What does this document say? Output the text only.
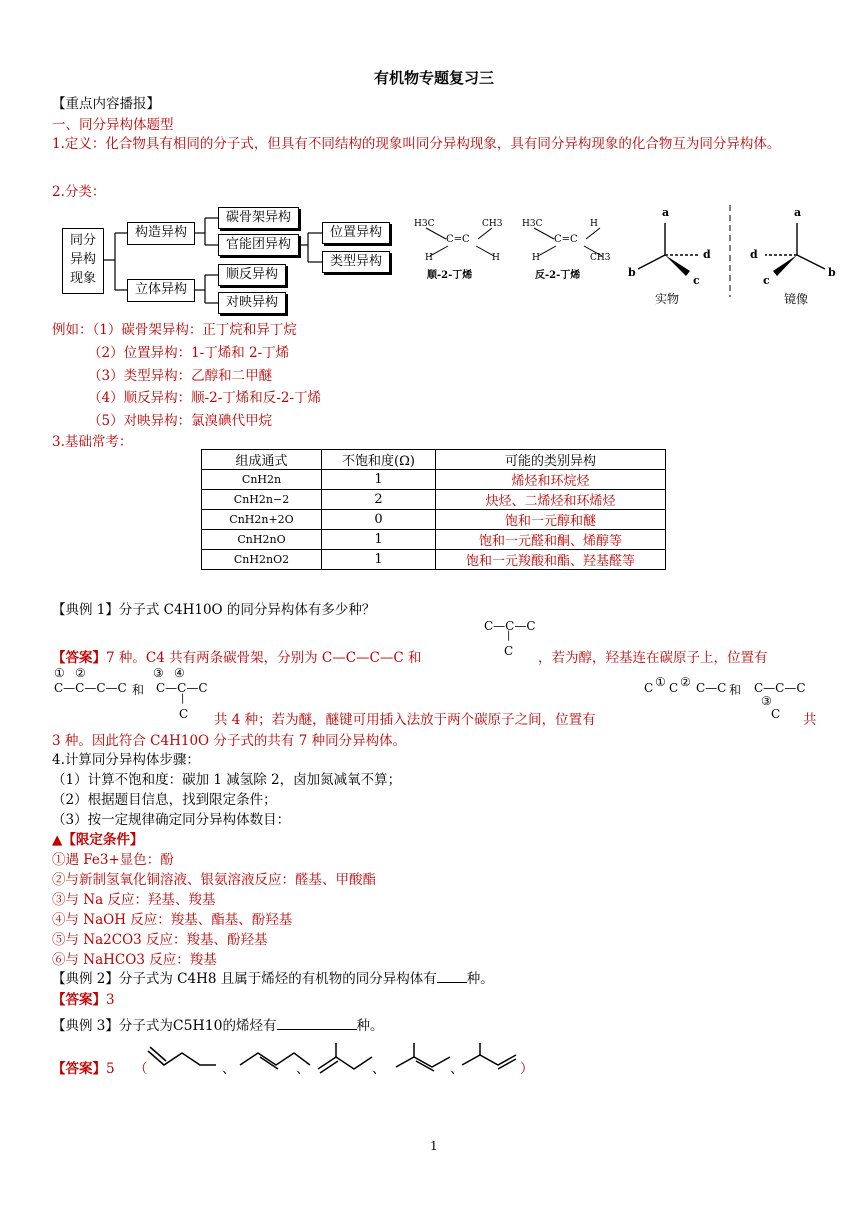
有机物专题复习三
【重点内容播报】
一、同分异构体题型
1.定义：化合物具有相同的分子式，但具有不同结构的现象叫同分异构现象，具有同分异构现象的化合物互为同分异构体。
2.分类：
同分
异构
现象
构造异构
立体异构
碳骨架异构
官能团异构
位置异构
类型异构
顺反异构
对映异构
H3C	CH3
C=C
H	H
顺-2-丁烯
H3C	H
C=C
H	CH3
反-2-丁烯
a
d
b
c
实物
a
d
b
c
镜像
例如：（1）碳骨架异构：正丁烷和异丁烷
（2）位置异构：1-丁烯和 2-丁烯
（3）类型异构：乙醇和二甲醚
（4）顺反异构：顺-2-丁烯和反-2-丁烯
（5）对映异构：氯溴碘代甲烷
3.基础常考：
组成通式	不饱和度(Ω)	可能的类别异构
CnH2n	1	烯烃和环烷烃
CnH2n−2	2	炔烃、二烯烃和环烯烃
CnH2n+2O	0	饱和一元醇和醚
CnH2nO	1	饱和一元醛和酮、烯醇等
CnH2nO2	1	饱和一元羧酸和酯、羟基醛等
【典例 1】分子式 C4H10O 的同分异构体有多少种？
C—C—C
|
C
【答案】7 种。C4 共有两条碳骨架，分别为 C—C—C—C 和	，若为醇，羟基连在碳原子上，位置有
① ②	③ ④
C—C—C—C 和 C—C—C
|
C
C ① C ② C—C 和 C—C—C
③
C
共 4 种；若为醚，醚键可用插入法放于两个碳原子之间，位置有	共
3 种。因此符合 C4H10O 分子式的共有 7 种同分异构体。
4.计算同分异构体步骤：
（1）计算不饱和度：碳加 1 减氢除 2，卤加氮减氧不算；
（2）根据题目信息，找到限定条件；
（3）按一定规律确定同分异构体数目：
▲【限定条件】
①遇 Fe3+显色：酚
②与新制氢氧化铜溶液、银氨溶液反应：醛基、甲酸酯
③与 Na 反应：羟基、羧基
④与 NaOH 反应：羧基、酯基、酚羟基
⑤与 Na2CO3 反应：羧基、酚羟基
⑥与 NaHCO3 反应：羧基
【典例 2】分子式为 C4H8 且属于烯烃的有机物的同分异构体有 种。
【答案】3
【典例 3】分子式为C5H10的烯烃有	种。
【答案】5 （	、	、	、	、	）
1
